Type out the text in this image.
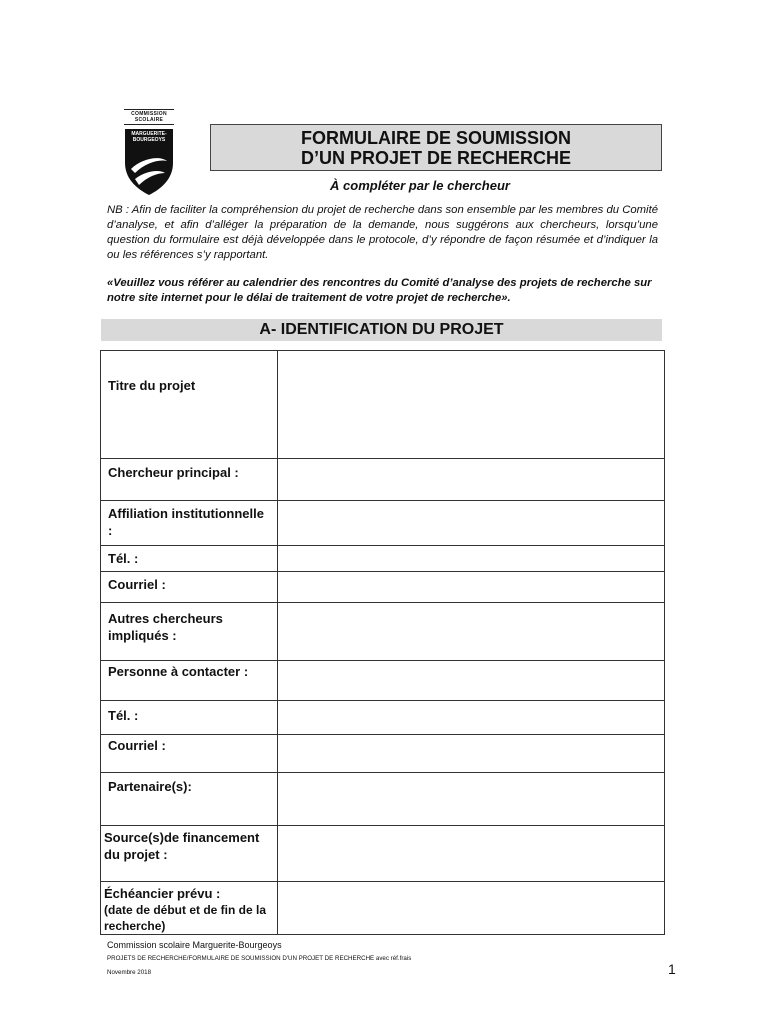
COMMISSION
SCOLAIRE
MARGUERITE-
BOURGEOYS	FORMULAIRE DE SOUMISSION
D’UN PROJET DE RECHERCHE
À compléter par le chercheur
NB : Afin de faciliter la compréhension du projet de recherche dans son ensemble par les membres du Comité d’analyse, et afin d’alléger la préparation de la demande, nous suggérons aux chercheurs, lorsqu’une question du formulaire est déjà développée dans le protocole, d’y répondre de façon résumée et d’indiquer la ou les références s’y rapportant.
«Veuillez vous référer au calendrier des rencontres du Comité d’analyse des projets de recherche sur notre site internet pour le délai de traitement de votre projet de recherche».
A- IDENTIFICATION DU PROJET
Titre du projet	
Chercheur principal :	
Affiliation institutionnelle :	
Tél. :	
Courriel :	
Autres chercheurs impliqués :	
Personne à contacter :	
Tél. :	
Courriel :	
Partenaire(s):	
Source(s)de financement du projet :	

Échéancier prévu :
(date de début et de fin de la recherche)	

Commission scolaire Marguerite-Bourgeoys
PROJETS DE RECHERCHE/FORMULAIRE DE SOUMISSION D'UN PROJET DE RECHERCHE avec réf.frais
Novembre 2018	1
